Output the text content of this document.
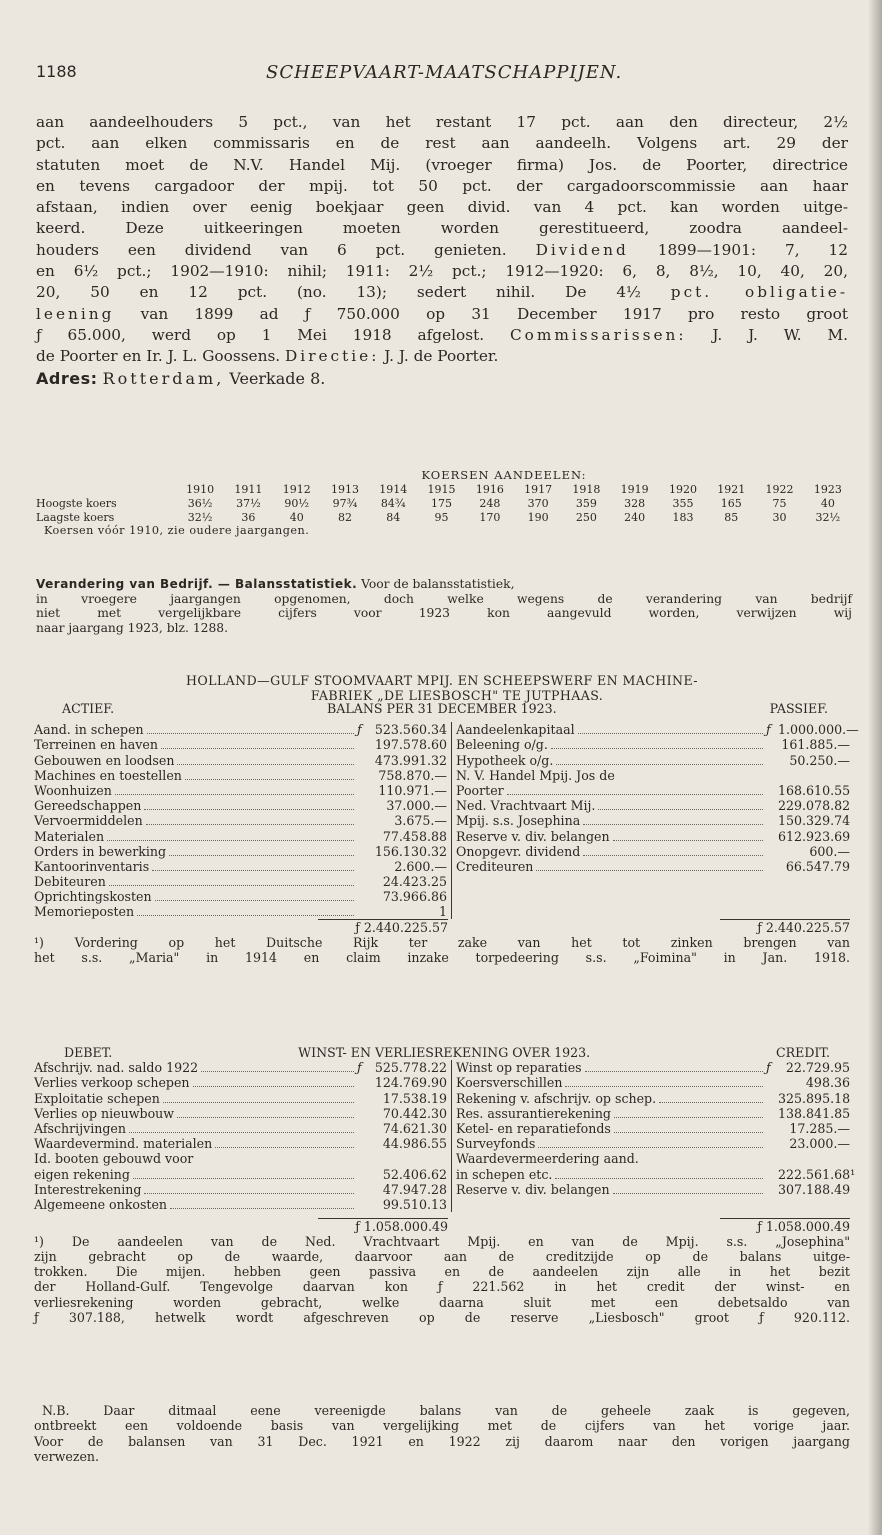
1188	SCHEEPVAART-MAATSCHAPPIJEN.
aan aandeelhouders 5 pct., van het restant 17 pct. aan den directeur, 2½
pct. aan elken commissaris en de rest aan aandeelh. Volgens art. 29 der
statuten moet de N.V. Handel Mij. (vroeger firma) Jos. de Poorter, directrice
en tevens cargadoor der mpij. tot 50 pct. der cargadoorscommissie aan haar
afstaan, indien over eenig boekjaar geen divid. van 4 pct. kan worden uitge-
keerd. Deze uitkeeringen moeten worden gerestitueerd, zoodra aandeel-
houders een dividend van 6 pct. genieten. Dividend 1899—1901: 7, 12
en 6½ pct.; 1902—1910: nihil; 1911: 2½ pct.; 1912—1920: 6, 8, 8½, 10, 40, 20,
20, 50 en 12 pct. (no. 13); sedert nihil. De 4½ pct. obligatie-
leening van 1899 ad ƒ 750.000 op 31 December 1917 pro resto groot
ƒ 65.000, werd op 1 Mei 1918 afgelost. Commissarissen: J. J. W. M.
de Poorter en Ir. J. L. Goossens. Directie: J. J. de Poorter.
Adres: Rotterdam, Veerkade 8.
KOERSEN AANDEELEN:
	1910	1911	1912	1913	1914	1915	1916	1917	1918	1919	1920	1921	1922	1923
Hoogste koers	36½	37½	90½	97¾	84¾	175	248	370	359	328	355	165	75	40
Laagste koers	32½	36	40	82	84	95	170	190	250	240	183	85	30	32½
Koersen vóór 1910, zie oudere jaargangen.
Verandering van Bedrijf. — Balansstatistiek. Voor de balansstatistiek,
in vroegere jaargangen opgenomen, doch welke wegens de verandering van bedrijf
niet met vergelijkbare cijfers voor 1923 kon aangevuld worden, verwijzen wij
naar jaargang 1923, blz. 1288.
HOLLAND—GULF STOOMVAART MPIJ. EN SCHEEPSWERF EN MACHINE-
FABRIEK „DE LIESBOSCH" TE JUTPHAAS.
ACTIEF.	BALANS PER 31 DECEMBER 1923.	PASSIEF.
Aand. in schepen	ƒ	523.560.34
Terreinen en haven	197.578.60
Gebouwen en loodsen	473.991.32
Machines en toestellen	758.870.—
Woonhuizen	110.971.—
Gereedschappen	37.000.—
Vervoermiddelen	3.675.—
Materialen	77.458.88
Orders in bewerking	156.130.32
Kantoorinventaris	2.600.—
Debiteuren	24.423.25
Oprichtingskosten	73.966.86
Memorieposten	1
Aandeelenkapitaal	ƒ 1.000.000.—
Beleening o/g.	161.885.—
Hypotheek o/g.	50.250.—
N. V. Handel Mpij. Jos de
Poorter	168.610.55
Ned. Vrachtvaart Mij.	229.078.82
Mpij. s.s. Josephina	150.329.74
Reserve v. div. belangen	612.923.69
Onopgevr. dividend	600.—
Crediteuren	66.547.79
ƒ 2.440.225.57	ƒ 2.440.225.57
¹) Vordering op het Duitsche Rijk ter zake van het tot zinken brengen van
het s.s. „Maria" in 1914 en claim inzake torpedeering s.s. „Foimina" in Jan. 1918.
DEBET.	WINST- EN VERLIESREKENING OVER 1923.	CREDIT.
Afschrijv. nad. saldo 1922	ƒ	525.778.22
Verlies verkoop schepen	124.769.90
Exploitatie schepen	17.538.19
Verlies op nieuwbouw	70.442.30
Afschrijvingen	74.621.30
Waardevermind. materialen	44.986.55
Id. booten gebouwd voor
eigen rekening	52.406.62
Interestrekening	47.947.28
Algemeene onkosten	99.510.13
Winst op reparaties	ƒ	22.729.95
Koersverschillen	498.36
Rekening v. afschrijv. op schep.	325.895.18
Res. assurantierekening	138.841.85
Ketel- en reparatiefonds	17.285.—
Surveyfonds	23.000.—
Waardevermeerdering aand.
in schepen etc.	222.561.68¹
Reserve v. div. belangen	307.188.49
ƒ 1.058.000.49	ƒ 1.058.000.49
¹) De aandeelen van de Ned. Vrachtvaart Mpij. en van de Mpij. s.s. „Josephina"
zijn gebracht op de waarde, daarvoor aan de creditzijde op de balans uitge-
trokken. Die mijen. hebben geen passiva en de aandeelen zijn alle in het bezit
der Holland-Gulf. Tengevolge daarvan kon ƒ 221.562 in het credit der winst- en
verliesrekening worden gebracht, welke daarna sluit met een debetsaldo van
ƒ 307.188, hetwelk wordt afgeschreven op de reserve „Liesbosch" groot ƒ 920.112.
N.B. Daar ditmaal eene vereenigde balans van de geheele zaak is gegeven,
ontbreekt een voldoende basis van vergelijking met de cijfers van het vorige jaar.
Voor de balansen van 31 Dec. 1921 en 1922 zij daarom naar den vorigen jaargang
verwezen.
